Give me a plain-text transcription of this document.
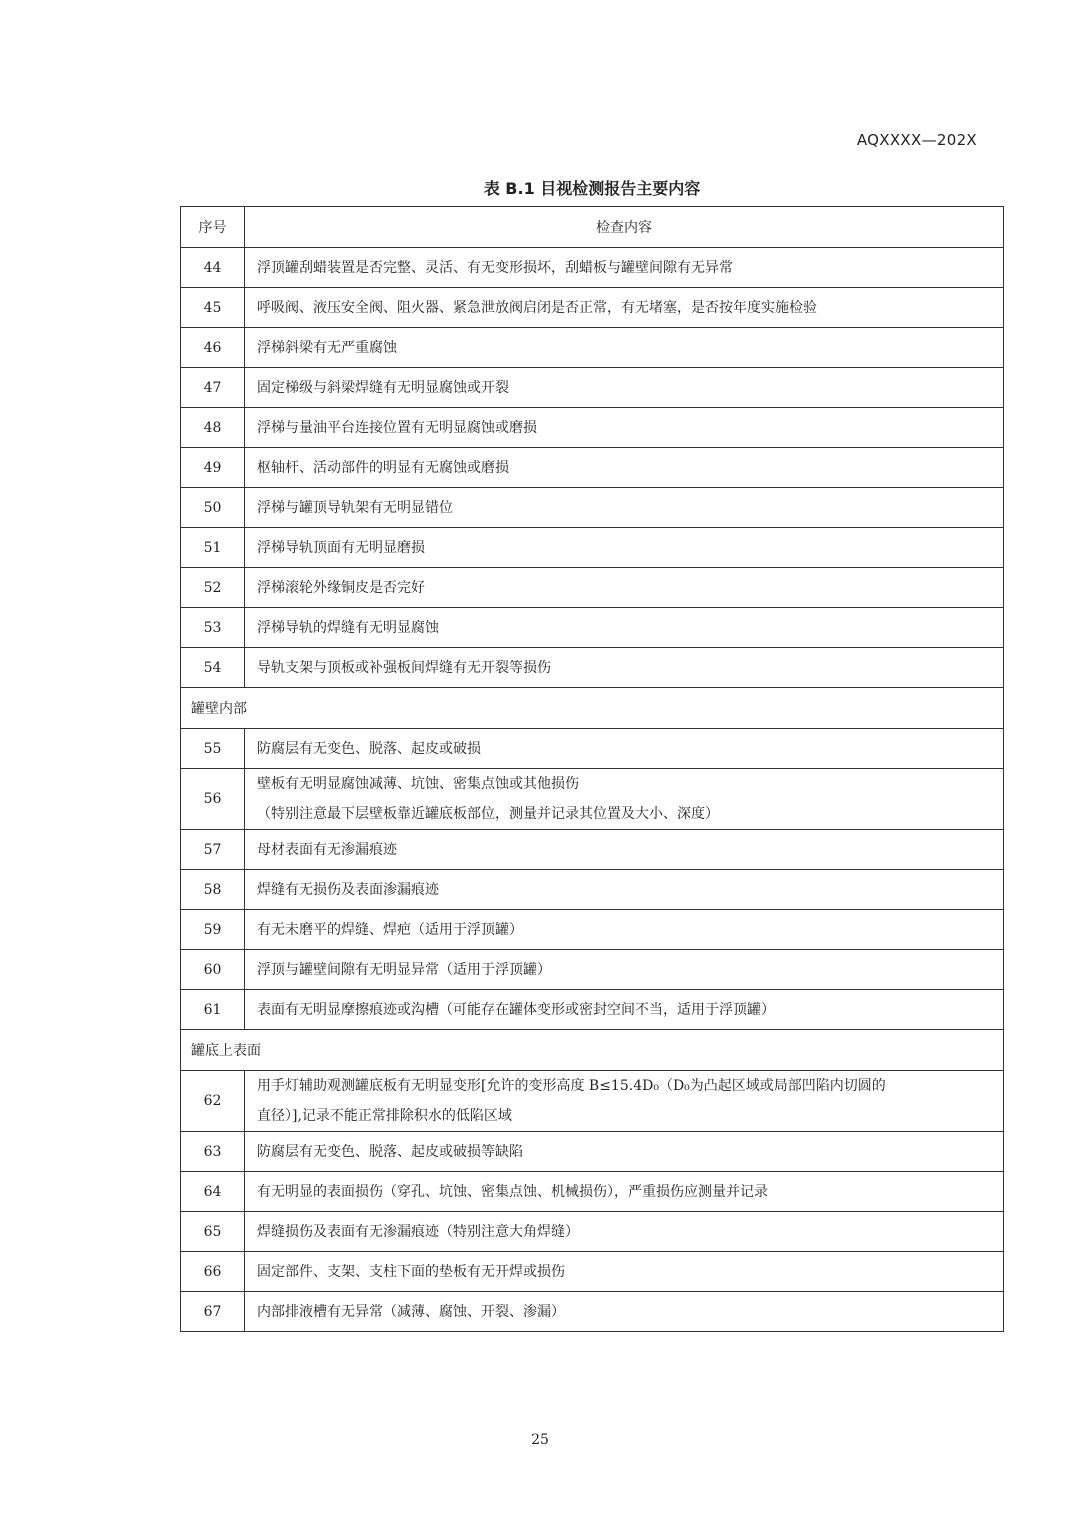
AQXXXX—202X
表 B.1 目视检测报告主要内容
序号	检查内容
44	浮顶罐刮蜡装置是否完整、灵活、有无变形损坏，刮蜡板与罐壁间隙有无异常

45	呼吸阀、液压安全阀、阻火器、紧急泄放阀启闭是否正常，有无堵塞，是否按年度实施检验

46	浮梯斜梁有无严重腐蚀

47	固定梯级与斜梁焊缝有无明显腐蚀或开裂

48	浮梯与量油平台连接位置有无明显腐蚀或磨损

49	枢轴杆、活动部件的明显有无腐蚀或磨损

50	浮梯与罐顶导轨架有无明显错位

51	浮梯导轨顶面有无明显磨损

52	浮梯滚轮外缘铜皮是否完好

53	浮梯导轨的焊缝有无明显腐蚀

54	导轨支架与顶板或补强板间焊缝有无开裂等损伤

罐壁内部	
55	防腐层有无变色、脱落、起皮或破损

56	壁板有无明显腐蚀减薄、坑蚀、密集点蚀或其他损伤
（特别注意最下层壁板靠近罐底板部位，测量并记录其位置及大小、深度）

57	母材表面有无渗漏痕迹

58	焊缝有无损伤及表面渗漏痕迹

59	有无未磨平的焊缝、焊疤（适用于浮顶罐）

60	浮顶与罐壁间隙有无明显异常（适用于浮顶罐）

61	表面有无明显摩擦痕迹或沟槽（可能存在罐体变形或密封空间不当，适用于浮顶罐）

罐底上表面	
62	用手灯辅助观测罐底板有无明显变形[允许的变形高度 B≤15.4D₀（D₀为凸起区域或局部凹陷内切圆的
直径）],记录不能正常排除积水的低陷区域

63	防腐层有无变色、脱落、起皮或破损等缺陷

64	有无明显的表面损伤（穿孔、坑蚀、密集点蚀、机械损伤），严重损伤应测量并记录

65	焊缝损伤及表面有无渗漏痕迹（特别注意大角焊缝）

66	固定部件、支架、支柱下面的垫板有无开焊或损伤

67	内部排液槽有无异常（减薄、腐蚀、开裂、渗漏）
25
